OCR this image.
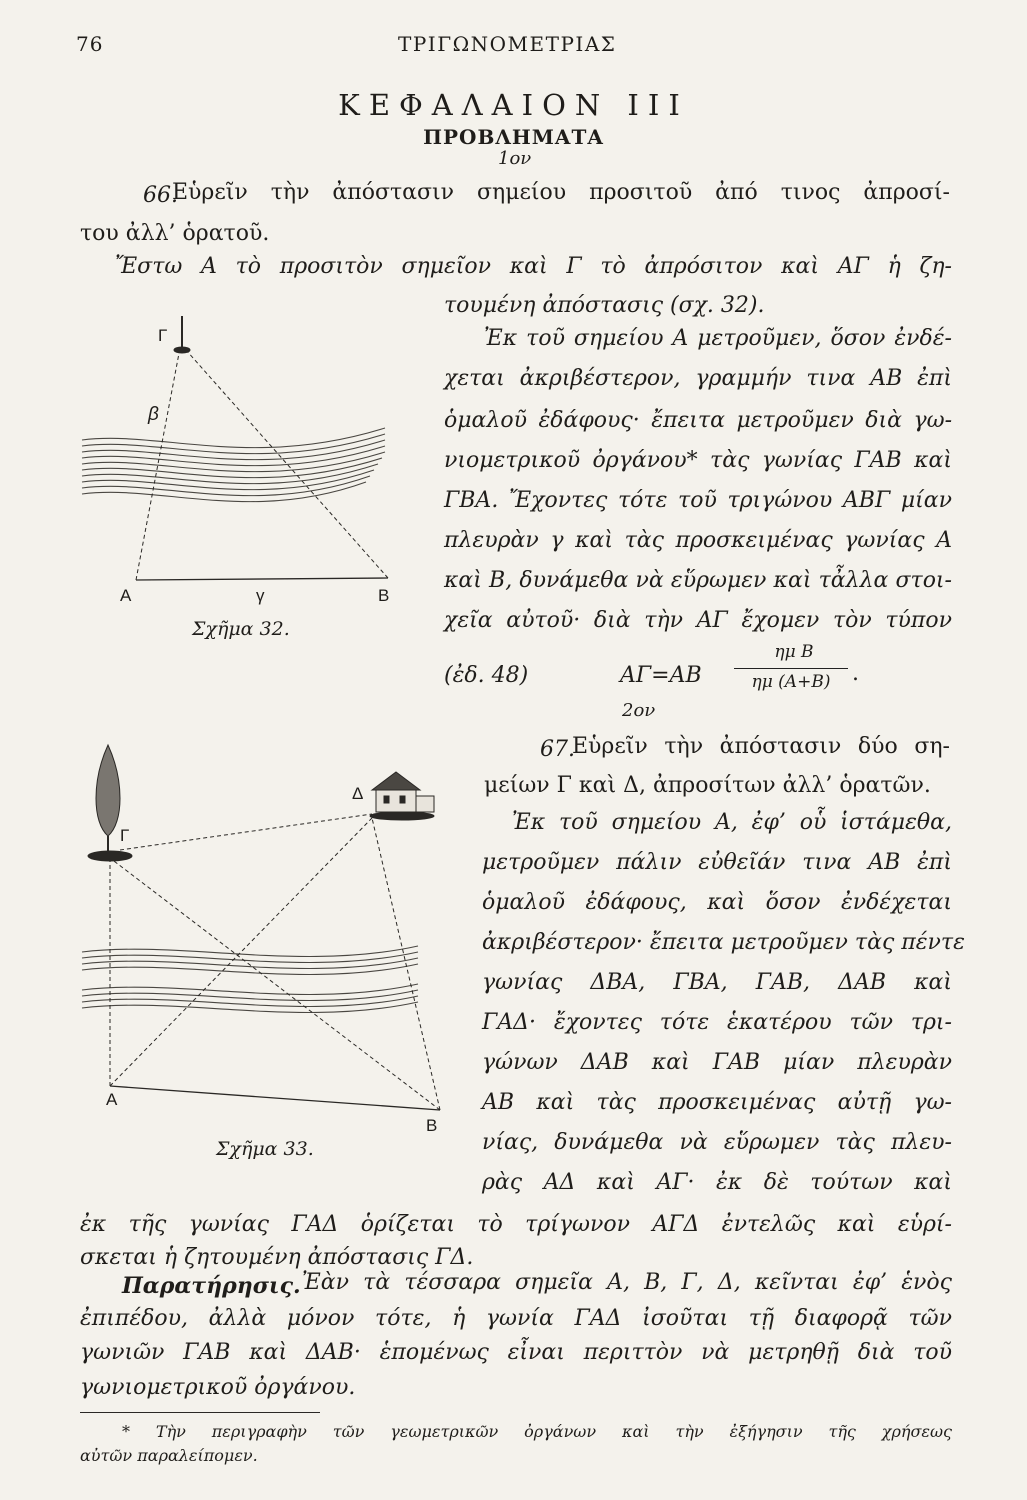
76	ΤΡΙΓΩΝΟΜΕΤΡΙΑΣ
ΚΕΦΑΛΑΙΟΝ III
ΠΡΟΒΛΗΜΑΤΑ
1ον
66.
Εὑρεῖν τὴν ἀπόστασιν σημείου προσιτοῦ ἀπό τινος ἀπροσί-
του ἀλλ’ ὁρατοῦ.
Ἔστω Α τὸ προσιτὸν σημεῖον καὶ Γ τὸ ἀπρόσιτον καὶ ΑΓ ἡ ζη-
τουμένη ἀπόστασις (σχ. 32).
Ἐκ τοῦ σημείου Α μετροῦμεν, ὅσον ἐνδέ-
χεται ἀκριβέστερον, γραμμήν τινα ΑΒ ἐπὶ
ὁμαλοῦ ἐδάφους· ἔπειτα μετροῦμεν διὰ γω-
νιομετρικοῦ ὀργάνου* τὰς γωνίας ΓΑΒ καὶ
ΓΒΑ. Ἔχοντες τότε τοῦ τριγώνου ΑΒΓ μίαν
πλευρὰν γ καὶ τὰς προσκειμένας γωνίας Α
καὶ Β, δυνάμεθα νὰ εὕρωμεν καὶ τἆλλα στοι-
χεῖα αὐτοῦ· διὰ τὴν ΑΓ ἔχομεν τὸν τύπον
(ἐδ. 48)	ΑΓ=ΑΒ
ημ Β
ημ (Α+Β) .
Γ
β
Α	γ	Β
Σχῆμα 32.
2ον
67.
Εὑρεῖν τὴν ἀπόστασιν δύο ση-
μείων Γ καὶ Δ, ἀπροσίτων ἀλλ’ ὁρατῶν.
Ἐκ τοῦ σημείου Α, ἐφ’ οὗ ἱστάμεθα,
μετροῦμεν πάλιν εὐθεῖάν τινα ΑΒ ἐπὶ
ὁμαλοῦ ἐδάφους, καὶ ὅσον ἐνδέχεται
ἀκριβέστερον· ἔπειτα μετροῦμεν τὰς πέντε
γωνίας ΔΒΑ, ΓΒΑ, ΓΑΒ, ΔΑΒ καὶ
ΓΑΔ· ἔχοντες τότε ἑκατέρου τῶν τρι-
γώνων ΔΑΒ καὶ ΓΑΒ μίαν πλευρὰν
ΑΒ καὶ τὰς προσκειμένας αὐτῇ γω-
νίας, δυνάμεθα νὰ εὕρωμεν τὰς πλευ-
ρὰς ΑΔ καὶ ΑΓ· ἐκ δὲ τούτων καὶ
ἐκ τῆς γωνίας ΓΑΔ ὁρίζεται τὸ τρίγωνον ΑΓΔ ἐντελῶς καὶ εὑρί-
σκεται ἡ ζητουμένη ἀπόστασις ΓΔ.
Δ
Γ
Α
Β
Σχῆμα 33.
Παρατήρησις. Ἐὰν τὰ τέσσαρα σημεῖα Α, Β, Γ, Δ, κεῖνται ἐφ’ ἑνὸς
ἐπιπέδου, ἀλλὰ μόνον τότε, ἡ γωνία ΓΑΔ ἰσοῦται τῇ διαφορᾷ τῶν
γωνιῶν ΓΑΒ καὶ ΔΑΒ· ἑπομένως εἶναι περιττὸν νὰ μετρηθῇ διὰ τοῦ
γωνιομετρικοῦ ὀργάνου.
* Τὴν περιγραφὴν τῶν γεωμετρικῶν ὀργάνων καὶ τὴν ἐξήγησιν τῆς χρήσεως
αὐτῶν παραλείπομεν.
